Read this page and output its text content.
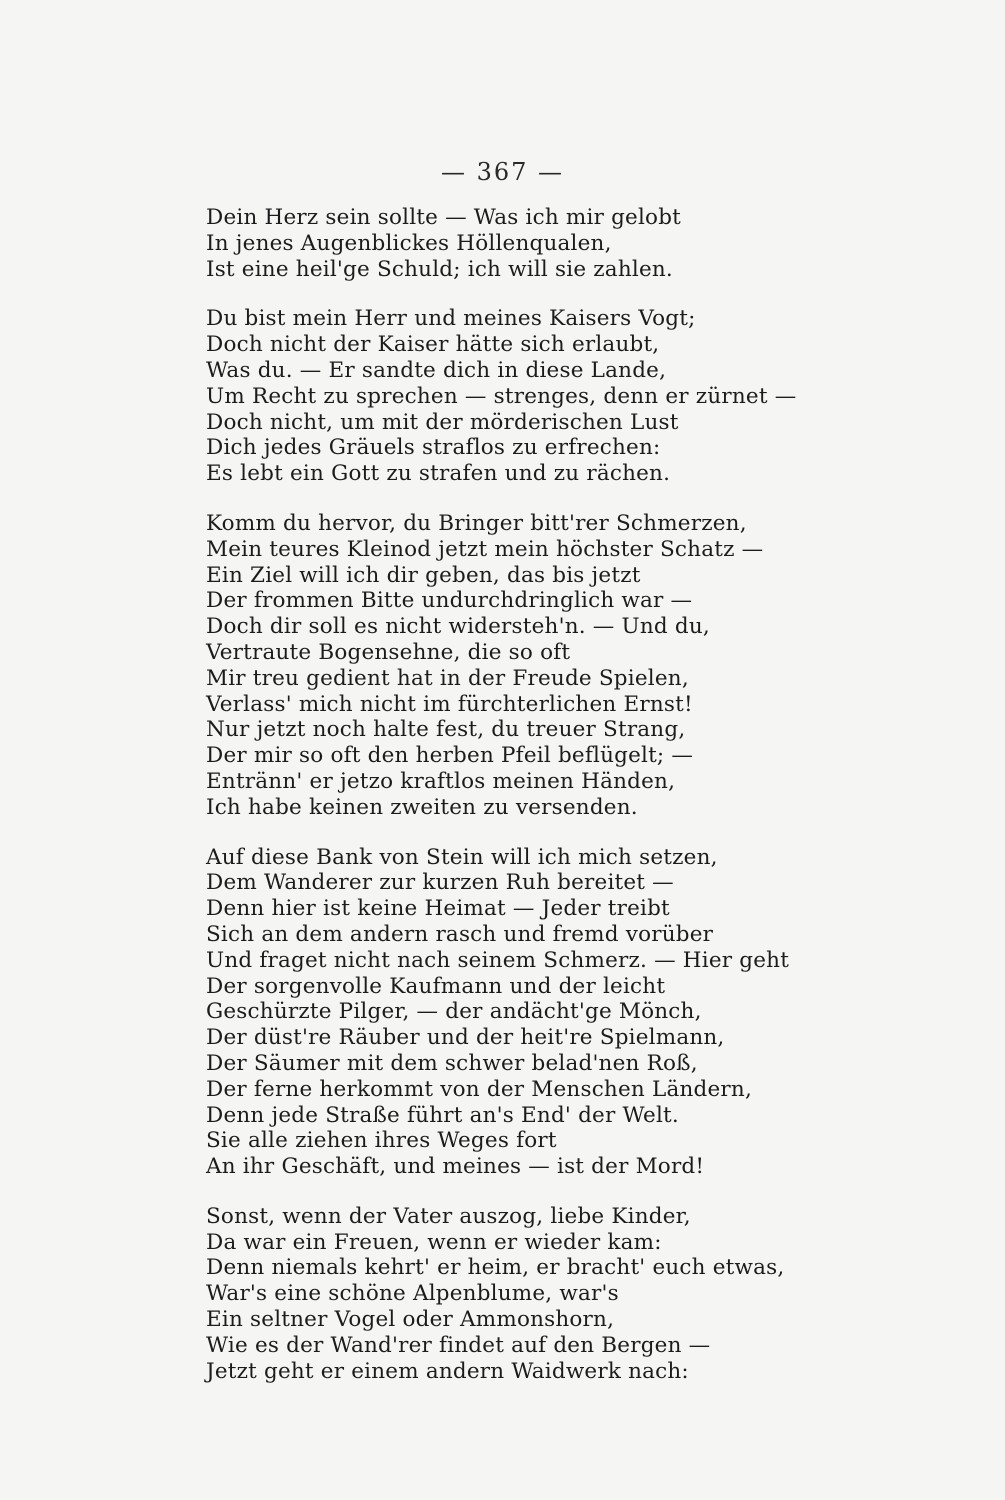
— 367 —
Dein Herz sein sollte — Was ich mir gelobt
In jenes Augenblickes Höllenqualen,
Ist eine heil'ge Schuld; ich will sie zahlen.
Du bist mein Herr und meines Kaisers Vogt;
Doch nicht der Kaiser hätte sich erlaubt,
Was du. — Er sandte dich in diese Lande,
Um Recht zu sprechen — strenges, denn er zürnet —
Doch nicht, um mit der mörderischen Lust
Dich jedes Gräuels straflos zu erfrechen:
Es lebt ein Gott zu strafen und zu rächen.
Komm du hervor, du Bringer bitt'rer Schmerzen,
Mein teures Kleinod jetzt mein höchster Schatz —
Ein Ziel will ich dir geben, das bis jetzt
Der frommen Bitte undurchdringlich war —
Doch dir soll es nicht widersteh'n. — Und du,
Vertraute Bogensehne, die so oft
Mir treu gedient hat in der Freude Spielen,
Verlass' mich nicht im fürchterlichen Ernst!
Nur jetzt noch halte fest, du treuer Strang,
Der mir so oft den herben Pfeil beflügelt; —
Entränn' er jetzo kraftlos meinen Händen,
Ich habe keinen zweiten zu versenden.
Auf diese Bank von Stein will ich mich setzen,
Dem Wanderer zur kurzen Ruh bereitet —
Denn hier ist keine Heimat — Jeder treibt
Sich an dem andern rasch und fremd vorüber
Und fraget nicht nach seinem Schmerz. — Hier geht
Der sorgenvolle Kaufmann und der leicht
Geschürzte Pilger, — der andächt'ge Mönch,
Der düst're Räuber und der heit're Spielmann,
Der Säumer mit dem schwer belad'nen Roß,
Der ferne herkommt von der Menschen Ländern,
Denn jede Straße führt an's End' der Welt.
Sie alle ziehen ihres Weges fort
An ihr Geschäft, und meines — ist der Mord!
Sonst, wenn der Vater auszog, liebe Kinder,
Da war ein Freuen, wenn er wieder kam:
Denn niemals kehrt' er heim, er bracht' euch etwas,
War's eine schöne Alpenblume, war's
Ein seltner Vogel oder Ammonshorn,
Wie es der Wand'rer findet auf den Bergen —
Jetzt geht er einem andern Waidwerk nach:
